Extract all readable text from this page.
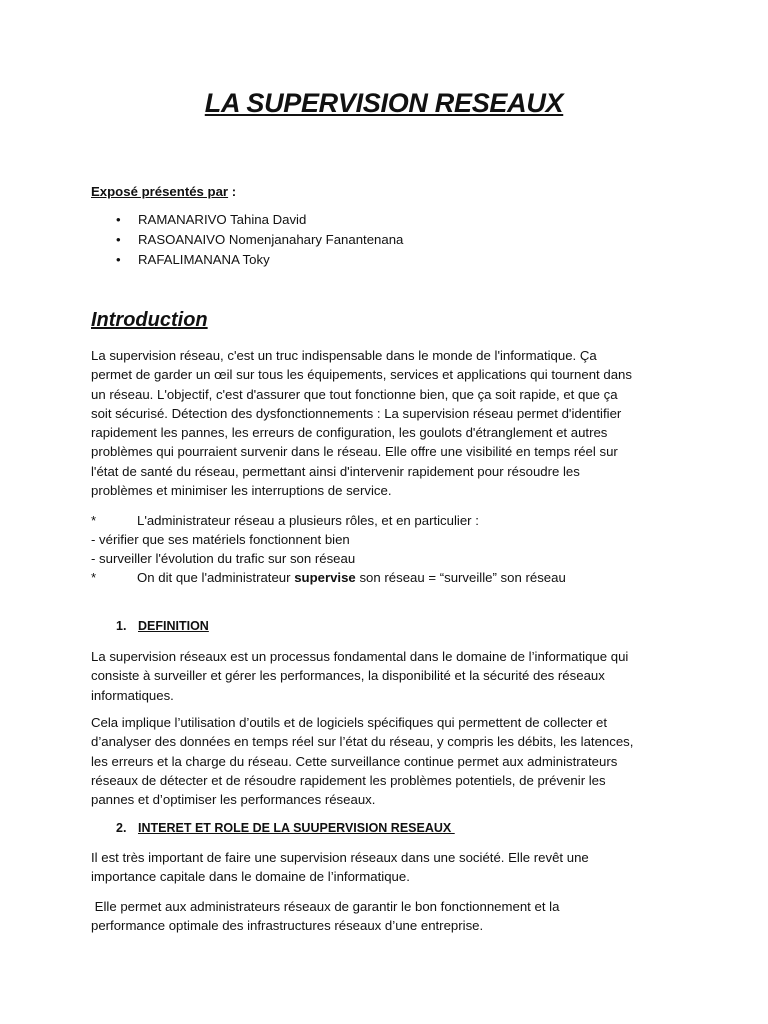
LA SUPERVISION RESEAUX

Exposé présentés par :

• RAMANARIVO Tahina David
• RASOANAIVO Nomenjanahary Fanantenana
• RAFALIMANANA Toky
Introduction

La supervision réseau, c'est un truc indispensable dans le monde de l'informatique. Ça
permet de garder un œil sur tous les équipements, services et applications qui tournent dans
un réseau. L'objectif, c'est d'assurer que tout fonctionne bien, que ça soit rapide, et que ça
soit sécurisé. Détection des dysfonctionnements : La supervision réseau permet d'identifier
rapidement les pannes, les erreurs de configuration, les goulots d'étranglement et autres
problèmes qui pourraient survenir dans le réseau. Elle offre une visibilité en temps réel sur
l'état de santé du réseau, permettant ainsi d'intervenir rapidement pour résoudre les
problèmes et minimiser les interruptions de service.

*	L'administrateur réseau a plusieurs rôles, et en particulier :

- vérifier que ses matériels fonctionnent bien

- surveiller l'évolution du trafic sur son réseau

*	On dit que l'administrateur supervise son réseau = “surveille” son réseau

1. DEFINITION

La supervision réseaux est un processus fondamental dans le domaine de l’informatique qui
consiste à surveiller et gérer les performances, la disponibilité et la sécurité des réseaux
informatiques.

Cela implique l’utilisation d’outils et de logiciels spécifiques qui permettent de collecter et
d’analyser des données en temps réel sur l’état du réseau, y compris les débits, les latences,
les erreurs et la charge du réseau. Cette surveillance continue permet aux administrateurs
réseaux de détecter et de résoudre rapidement les problèmes potentiels, de prévenir les
pannes et d’optimiser les performances réseaux.

2. INTERET ET ROLE DE LA SUUPERVISION RESEAUX

Il est très important de faire une supervision réseaux dans une société. Elle revêt une
importance capitale dans le domaine de l’informatique.

Elle permet aux administrateurs réseaux de garantir le bon fonctionnement et la
performance optimale des infrastructures réseaux d’une entreprise.
